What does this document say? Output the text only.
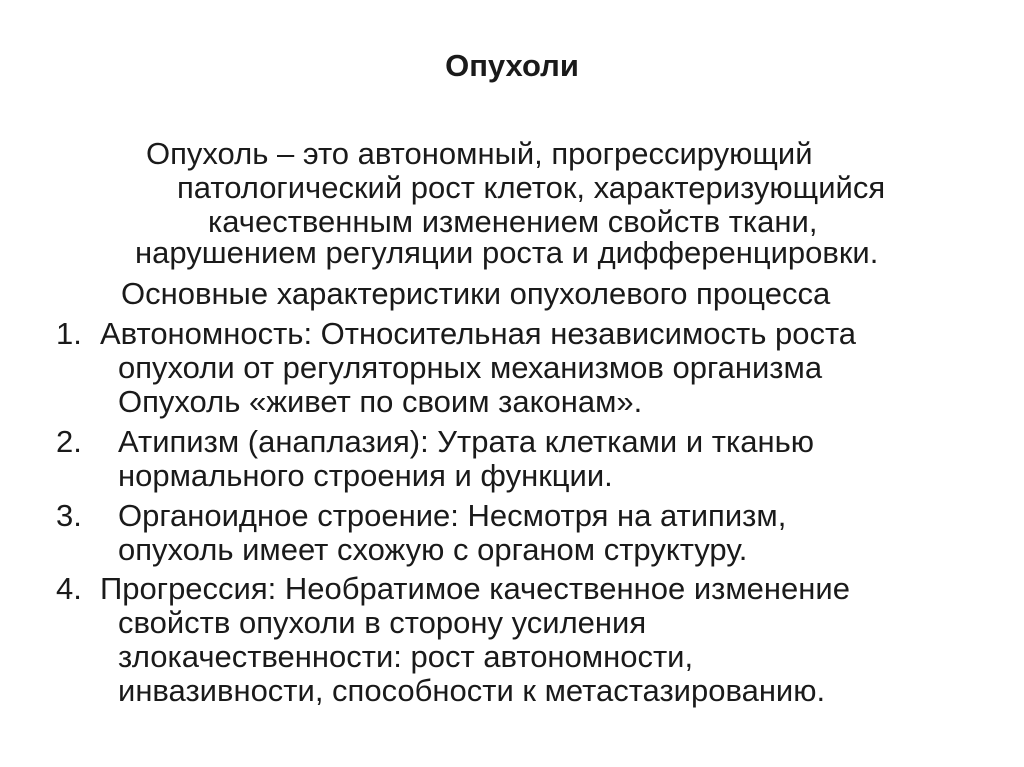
Опухоли
Опухоль – это автономный, прогрессирующий
патологический рост клеток, характеризующийся
качественным изменением свойств ткани,
нарушением регуляции роста и дифференцировки.
Основные характеристики опухолевого процесса
1. Автономность: Относительная независимость роста
опухоли от регуляторных механизмов организма
Опухоль «живет по своим законам».
2. Атипизм (анаплазия): Утрата клетками и тканью
нормального строения и функции.
3. Органоидное строение: Несмотря на атипизм,
опухоль имеет схожую с органом структуру.
4. Прогрессия: Необратимое качественное изменение
свойств опухоли в сторону усиления
злокачественности: рост автономности,
инвазивности, способности к метастазированию.
